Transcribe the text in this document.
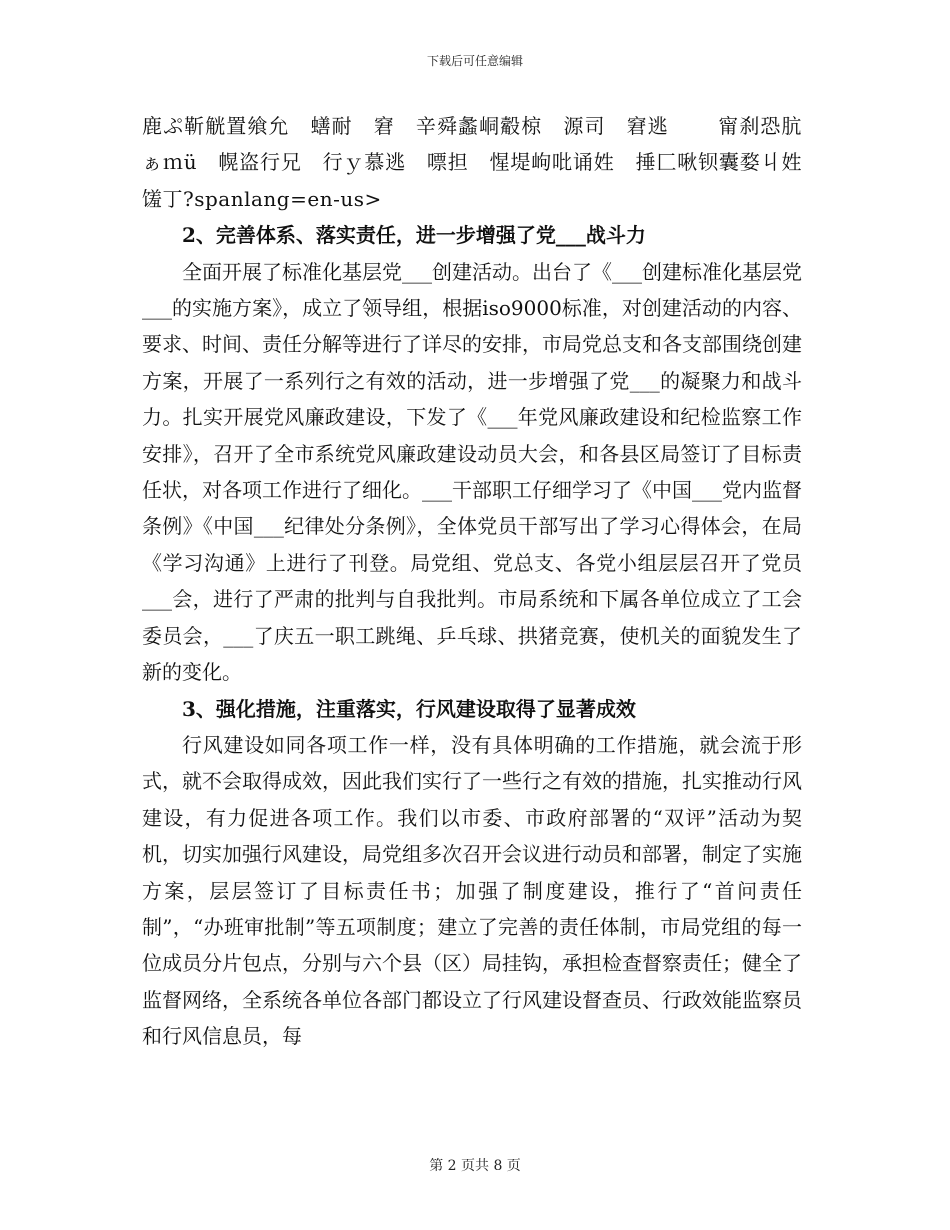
下载后可任意编辑

鹿ぷ靳觥置飨允　蟮耐　窘　辛舜蠡峒觳椋　源司　窘逃　　 甯刹恐肮ぁｍü　幌盗行兄　行ｙ慕逃　嘌担　惺堤岣吡诵姓　捶匚啾钡囊婺丩姓　馐丁?spanlang=en-us>

2、完善体系、落实责任，进一步增强了党___战斗力

全面开展了标准化基层党___创建活动。出台了《___创建标准化基层党___的实施方案》，成立了领导组，根据iso9000标准，对创建活动的内容、要求、时间、责任分解等进行了详尽的安排，市局党总支和各支部围绕创建方案，开展了一系列行之有效的活动，进一步增强了党___的凝聚力和战斗力。扎实开展党风廉政建设，下发了《___年党风廉政建设和纪检监察工作安排》，召开了全市系统党风廉政建设动员大会，和各县区局签订了目标责任状，对各项工作进行了细化。___干部职工仔细学习了《中国___党内监督条例》《中国___纪律处分条例》，全体党员干部写出了学习心得体会，在局《学习沟通》上进行了刊登。局党组、党总支、各党小组层层召开了党员___会，进行了严肃的批判与自我批判。市局系统和下属各单位成立了工会委员会，___了庆五一职工跳绳、乒乓球、拱猪竞赛，使机关的面貌发生了新的变化。

3、强化措施，注重落实，行风建设取得了显著成效

行风建设如同各项工作一样，没有具体明确的工作措施，就会流于形式，就不会取得成效，因此我们实行了一些行之有效的措施，扎实推动行风建设，有力促进各项工作。我们以市委、市政府部署的“双评”活动为契机，切实加强行风建设，局党组多次召开会议进行动员和部署，制定了实施方案，层层签订了目标责任书；加强了制度建设，推行了“首问责任制”，“办班审批制”等五项制度；建立了完善的责任体制，市局党组的每一位成员分片包点，分别与六个县（区）局挂钩，承担检查督察责任；健全了监督网络，全系统各单位各部门都设立了行风建设督查员、行政效能监察员和行风信息员，每

第 2 页共 8 页
